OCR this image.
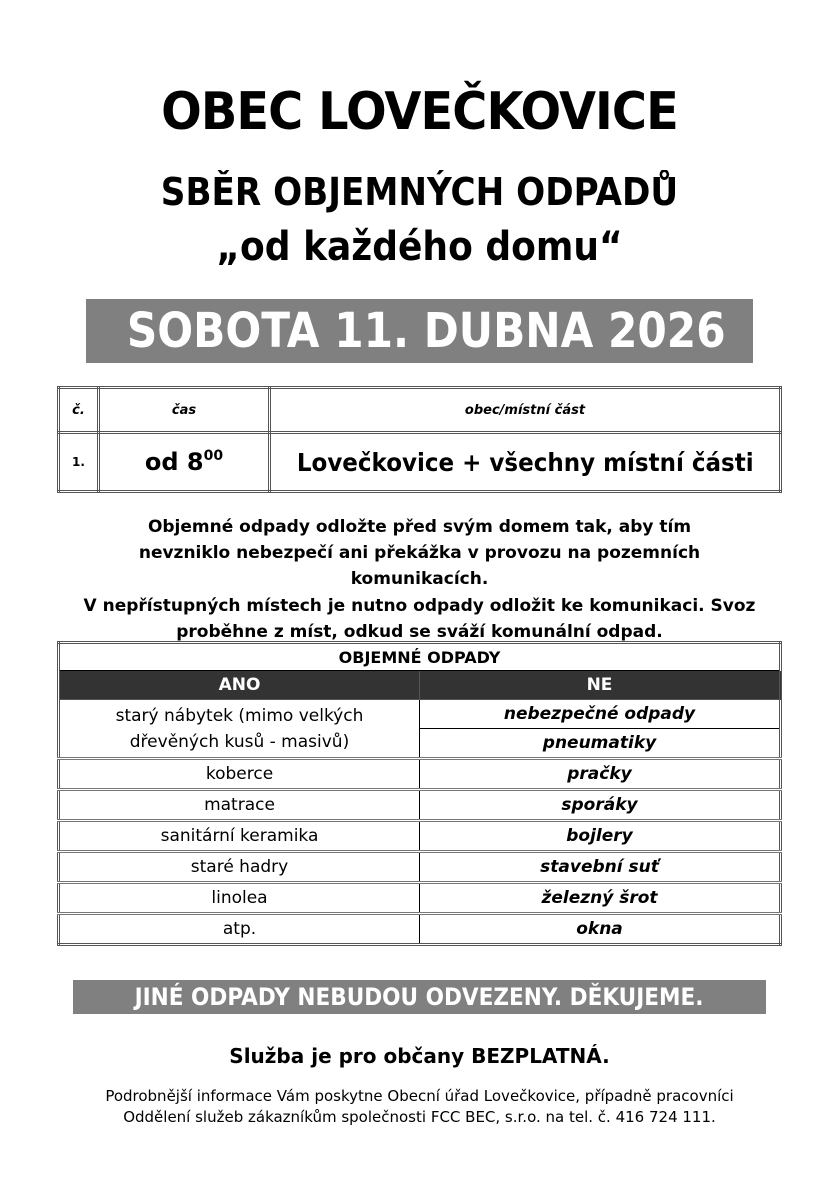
OBEC LOVEČKOVICE
SBĚR OBJEMNÝCH ODPADŮ
„od každého domu“
SOBOTA 11. DUBNA 2026
č.	čas	obec/místní část
1.	od $8^{00}$	Lovečkovice + všechny místní části

Objemné odpady odložte před svým domem tak, aby tím nevzniklo nebezpečí ani překážka v provozu na pozemních komunikacích.

V nepřístupných místech je nutno odpady odložit ke komunikaci. Svoz proběhne z míst, odkud se sváží komunální odpad.

OBJEMNÉ ODPADY	
ANO	NE
starý nábytek (mimo velkých dřevěných kusů - masivů)	nebezpečné odpady
	pneumatiky
koberce	pračky
matrace	sporáky
sanitární keramika	bojlery
staré hadry	stavební suť
linolea	železný šrot
atp.	okna
JINÉ ODPADY NEBUDOU ODVEZENY. DĚKUJEME.
Služba je pro občany BEZPLATNÁ.

Podrobnější informace Vám poskytne Obecní úřad Lovečkovice, případně pracovníci

Oddělení služeb zákazníkům společnosti FCC BEC, s.r.o. na tel. č. 416 724 111.
